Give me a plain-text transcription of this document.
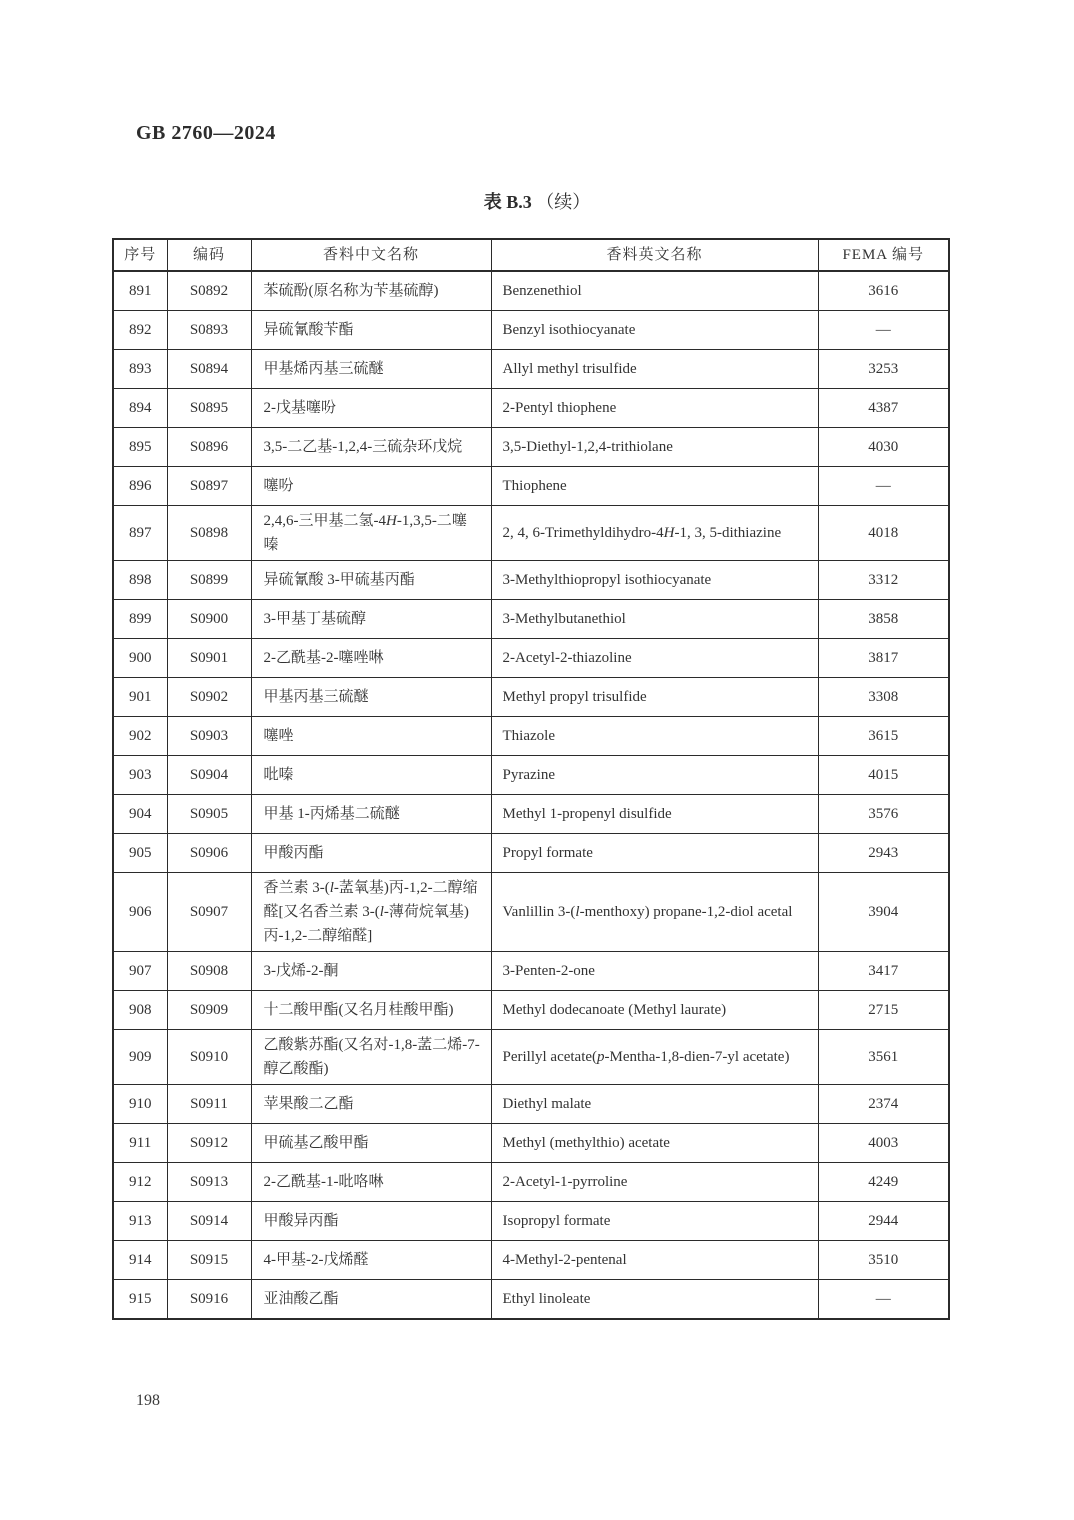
GB 2760—2024
表 B.3 （续）
序号	编码	香料中文名称	香料英文名称	FEMA 编号
891	S0892	苯硫酚(原名称为苄基硫醇)	Benzenethiol	3616
892	S0893	异硫氰酸苄酯	Benzyl isothiocyanate	—
893	S0894	甲基烯丙基三硫醚	Allyl methyl trisulfide	3253
894	S0895	2-戊基噻吩	2-Pentyl thiophene	4387
895	S0896	3,5-二乙基-1,2,4-三硫杂环戊烷	3,5-Diethyl-1,2,4-trithiolane	4030
896	S0897	噻吩	Thiophene	—
897	S0898	2,4,6-三甲基二氢-4H-1,3,5-二噻嗪	2, 4, 6-Trimethyldihydro-4H-1, 3, 5-dithiazine	4018
898	S0899	异硫氰酸 3-甲硫基丙酯	3-Methylthiopropyl isothiocyanate	3312
899	S0900	3-甲基丁基硫醇	3-Methylbutanethiol	3858
900	S0901	2-乙酰基-2-噻唑啉	2-Acetyl-2-thiazoline	3817
901	S0902	甲基丙基三硫醚	Methyl propyl trisulfide	3308
902	S0903	噻唑	Thiazole	3615
903	S0904	吡嗪	Pyrazine	4015
904	S0905	甲基 1-丙烯基二硫醚	Methyl 1-propenyl disulfide	3576
905	S0906	甲酸丙酯	Propyl formate	2943
906	S0907	香兰素 3-(l-䓝氧基)丙-1,2-二醇缩醛[又名香兰素 3-(l-薄荷烷氧基)丙-1,2-二醇缩醛]	Vanlillin 3-(l-menthoxy) propane-1,2-diol acetal	3904
907	S0908	3-戊烯-2-酮	3-Penten-2-one	3417
908	S0909	十二酸甲酯(又名月桂酸甲酯)	Methyl dodecanoate (Methyl laurate)	2715
909	S0910	乙酸紫苏酯(又名对-1,8-䓝二烯-7-醇乙酸酯)	Perillyl acetate(p-Mentha-1,8-dien-7-yl acetate)	3561
910	S0911	苹果酸二乙酯	Diethyl malate	2374
911	S0912	甲硫基乙酸甲酯	Methyl (methylthio) acetate	4003
912	S0913	2-乙酰基-1-吡咯啉	2-Acetyl-1-pyrroline	4249
913	S0914	甲酸异丙酯	Isopropyl formate	2944
914	S0915	4-甲基-2-戊烯醛	4-Methyl-2-pentenal	3510
915	S0916	亚油酸乙酯	Ethyl linoleate	—
198
